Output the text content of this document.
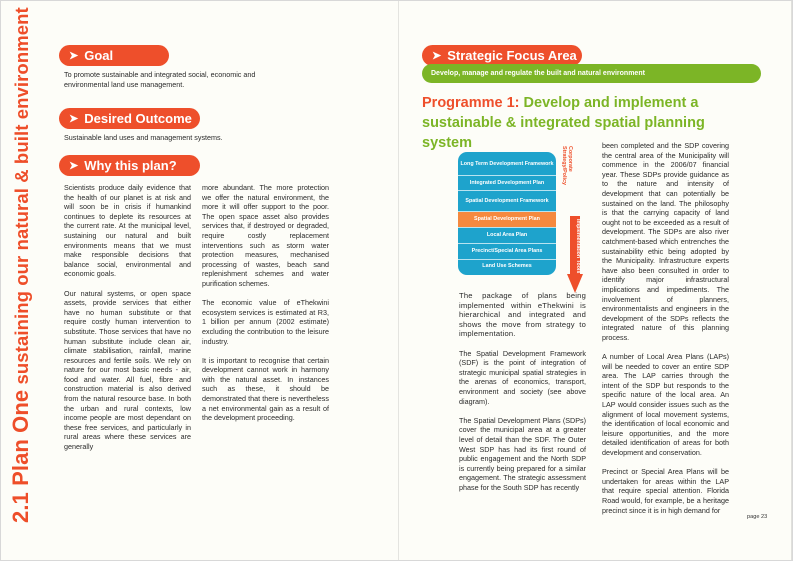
2.1 Plan One sustaining our natural & built environment	➤ Goal
To promote sustainable and integrated social, economic and environmental land use management.
➤ Desired Outcome
Sustainable land uses and management systems.
➤ Why this plan?

Scientists produce daily evidence that the health of our planet is at risk and will soon be in crisis if humankind continues to deplete its resources at the current rate. At the municipal level, sustaining our natural and built environments means that we must make responsible decisions that balance social, environmental and economic goals.

Our natural systems, or open space assets, provide services that either have no human substitute or that require costly human intervention to substitute. Those services that have no human substitute include clean air, climate stabilisation, rainfall, marine resources and fertile soils. We rely on nature for our most basic needs - air, food and water. All fuel, fibre and construction material is also derived from the natural resource base. In both the urban and rural contexts, low income people are most dependant on these free services, and particularly in rural areas where these services are generally

more abundant. The more protection we offer the natural environment, the more it will offer support to the poor. The open space asset also provides services that, if destroyed or degraded, require costly replacement interventions such as storm water protection measures, mechanised processing of wastes, beach sand replenishment schemes and water purification schemes.

The economic value of eThekwini ecosystem services is estimated at R3, 1 billion per annum (2002 estimate) excluding the contribution to the leisure industry.

It is important to recognise that certain development cannot work in harmony with the natural asset. In instances such as these, it should be demonstrated that there is nevertheless a net environmental gain as a result of the development proceeding.

➤ Strategic Focus Area
Develop, manage and regulate the built and natural environment
Programme 1: Develop and implement a sustainable & integrated spatial planning system
Long Term Development Framework
Integrated Development Plan
Spatial Development Framework
Spatial Development Plan
Local Area Plan
Precinct/Special Area Plans
Land Use Schemes
Corporate Strategy/Policy
Implementation Tools

The package of plans being implemented within eThekwini is hierarchical and integrated and shows the move from strategy to implementation.

The Spatial Development Framework (SDF) is the point of integration of strategic municipal spatial strategies in the arenas of economics, transport, environment and society (see above diagram).

The Spatial Development Plans (SDPs) cover the municipal area at a greater level of detail than the SDF. The Outer West SDP has had its first round of public engagement and the North SDP is currently being prepared for a similar engagement. The strategic assessment phase for the South SDP has recently

been completed and the SDP covering the central area of the Municipality will commence in the 2006/07 financial year. These SDPs provide guidance as to the nature and intensity of development that can potentially be sustained on the land. The philosophy is that the carrying capacity of land ought not to be exceeded as a result of development. The SDPs are also river catchment-based which entrenches the sustainability ethic being adopted by the Municipality. Infrastructure experts have also been consulted in order to identify major infrastructural implications and impediments. The involvement of planners, environmentalists and engineers in the development of the SDPs reflects the integrated nature of this planning process.

A number of Local Area Plans (LAPs) will be needed to cover an entire SDP area. The LAP carries through the intent of the SDP but responds to the specific nature of the local area. An LAP would consider issues such as the alignment of local movement systems, the identification of local economic and leisure opportunities, and the more detailed identification of areas for both development and conservation.

Precinct or Special Area Plans will be undertaken for areas within the LAP that require special attention. Florida Road would, for example, be a heritage precinct since it is in high demand for

page 23
